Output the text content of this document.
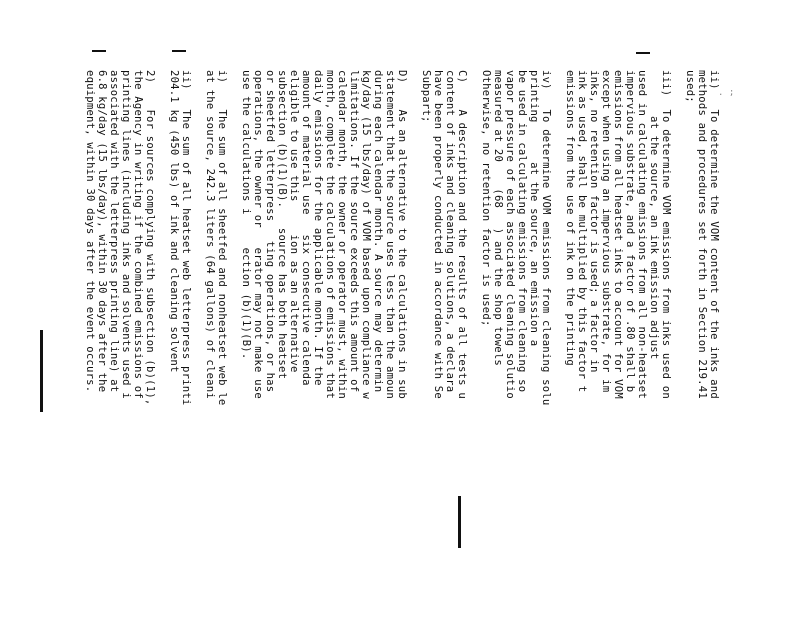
. ;
ii)   To determine the VOM content of the inks and
methods and procedures set forth in Section 219.41
used;
iii)  To determine VOM emissions from inks used on
at the source, an ink emission adjust
used in calculating emissions from all non-heatset
impervious substrate, and a factor of .80 shall b
emissions from all heatset inks to account for VOM
except when using an impervious substrate, for im
inks, no retention factor is used; a factor in
ink as used, shall be multiplied by this factor t
emissions from the use of ink on the printing
iv)   To determine VOM emissions from cleaning solu
printing      at the source, an emission a
be used in calculating emissions from cleaning so
vapor pressure of each associated cleaning solutio
measured at 20    (68   ) and the shop towels
Otherwise, no retention factor is used;
C)    A description and the results of all tests u
content of inks and cleaning solutions, a declara
have been properly conducted in accordance with Se
Subpart;
D)    As an alternative to the calculations in sub
statement that the source uses less than the amoun
during each calendar month. A source may determin
kg/day (15 lbs/day) of VOM based upon compliance w
limitations. If the source exceeds this amount of
calendar month, the owner or operator must, within
month, complete the calculations of emissions that
daily emissions for the applicable month. If the
amount of material use   six consecutive calenda
eligible to use this     ion as an alternative
subsection (b)(1)(B).   source has both heatset
or sheetfed letterpress   ting operations, or has
operations, the owner or   erator may not make use
use the calculations i     ection (b)(1)(B).
i)    The sum of all sheetfed and nonheatset web le
at the source, 242.3 liters (64 gallons) of cleani
ii)   The sum of all heatset web letterpress printi
204.1 kg (450 lbs) of ink and cleaning solvent
2)    For sources complying with subsection (b)(1),
the Agency in writing if the combined emissions of
printing lines (including inks and solvents used i
associated with the letterpress printing line) at
6.8 kg/day (15 lbs/day), within 30 days after the
equipment, within 30 days after the event occurs.
